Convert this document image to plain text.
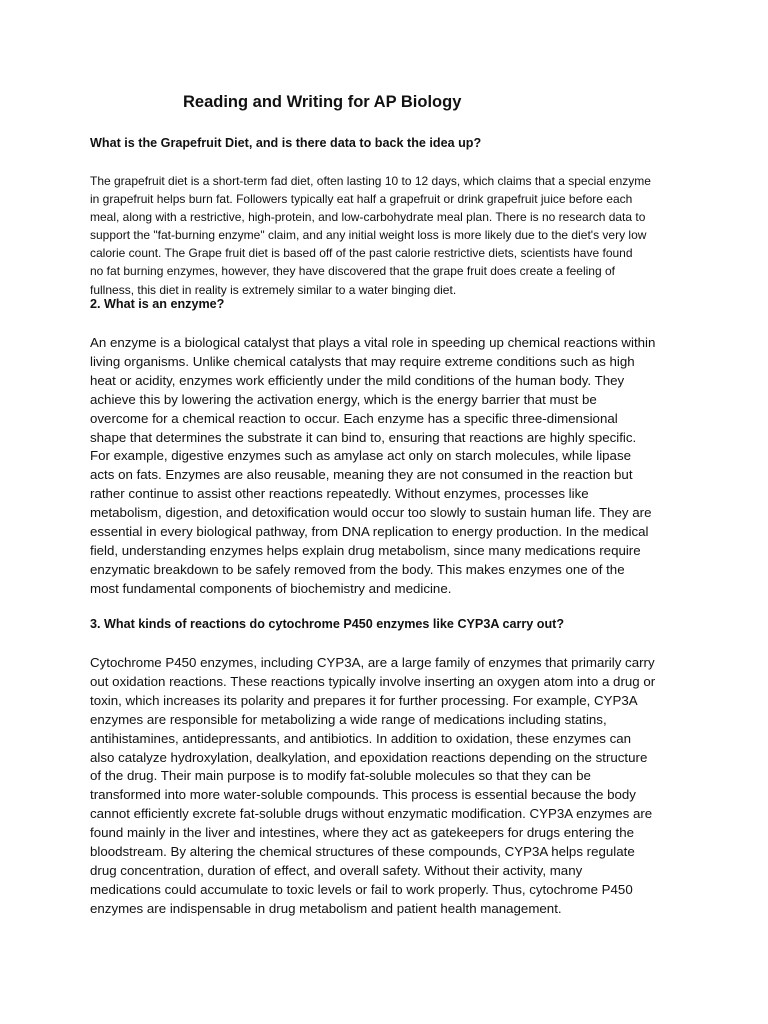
Reading and Writing for AP Biology
What is the Grapefruit Diet, and is there data to back the idea up?

The grapefruit diet is a short-term fad diet, often lasting 10 to 12 days, which claims that a special enzyme
in grapefruit helps burn fat. Followers typically eat half a grapefruit or drink grapefruit juice before each
meal, along with a restrictive, high-protein, and low-carbohydrate meal plan. There is no research data to
support the "fat-burning enzyme" claim, and any initial weight loss is more likely due to the diet's very low
calorie count. The Grape fruit diet is based off of the past calorie restrictive diets, scientists have found
no fat burning enzymes, however, they have discovered that the grape fruit does create a feeling of
fullness, this diet in reality is extremely similar to a water binging diet.

2. What is an enzyme?

An enzyme is a biological catalyst that plays a vital role in speeding up chemical reactions within
living organisms. Unlike chemical catalysts that may require extreme conditions such as high
heat or acidity, enzymes work efficiently under the mild conditions of the human body. They
achieve this by lowering the activation energy, which is the energy barrier that must be
overcome for a chemical reaction to occur. Each enzyme has a specific three-dimensional
shape that determines the substrate it can bind to, ensuring that reactions are highly specific.
For example, digestive enzymes such as amylase act only on starch molecules, while lipase
acts on fats. Enzymes are also reusable, meaning they are not consumed in the reaction but
rather continue to assist other reactions repeatedly. Without enzymes, processes like
metabolism, digestion, and detoxification would occur too slowly to sustain human life. They are
essential in every biological pathway, from DNA replication to energy production. In the medical
field, understanding enzymes helps explain drug metabolism, since many medications require
enzymatic breakdown to be safely removed from the body. This makes enzymes one of the
most fundamental components of biochemistry and medicine.

3. What kinds of reactions do cytochrome P450 enzymes like CYP3A carry out?

Cytochrome P450 enzymes, including CYP3A, are a large family of enzymes that primarily carry
out oxidation reactions. These reactions typically involve inserting an oxygen atom into a drug or
toxin, which increases its polarity and prepares it for further processing. For example, CYP3A
enzymes are responsible for metabolizing a wide range of medications including statins,
antihistamines, antidepressants, and antibiotics. In addition to oxidation, these enzymes can
also catalyze hydroxylation, dealkylation, and epoxidation reactions depending on the structure
of the drug. Their main purpose is to modify fat-soluble molecules so that they can be
transformed into more water-soluble compounds. This process is essential because the body
cannot efficiently excrete fat-soluble drugs without enzymatic modification. CYP3A enzymes are
found mainly in the liver and intestines, where they act as gatekeepers for drugs entering the
bloodstream. By altering the chemical structures of these compounds, CYP3A helps regulate
drug concentration, duration of effect, and overall safety. Without their activity, many
medications could accumulate to toxic levels or fail to work properly. Thus, cytochrome P450
enzymes are indispensable in drug metabolism and patient health management.
